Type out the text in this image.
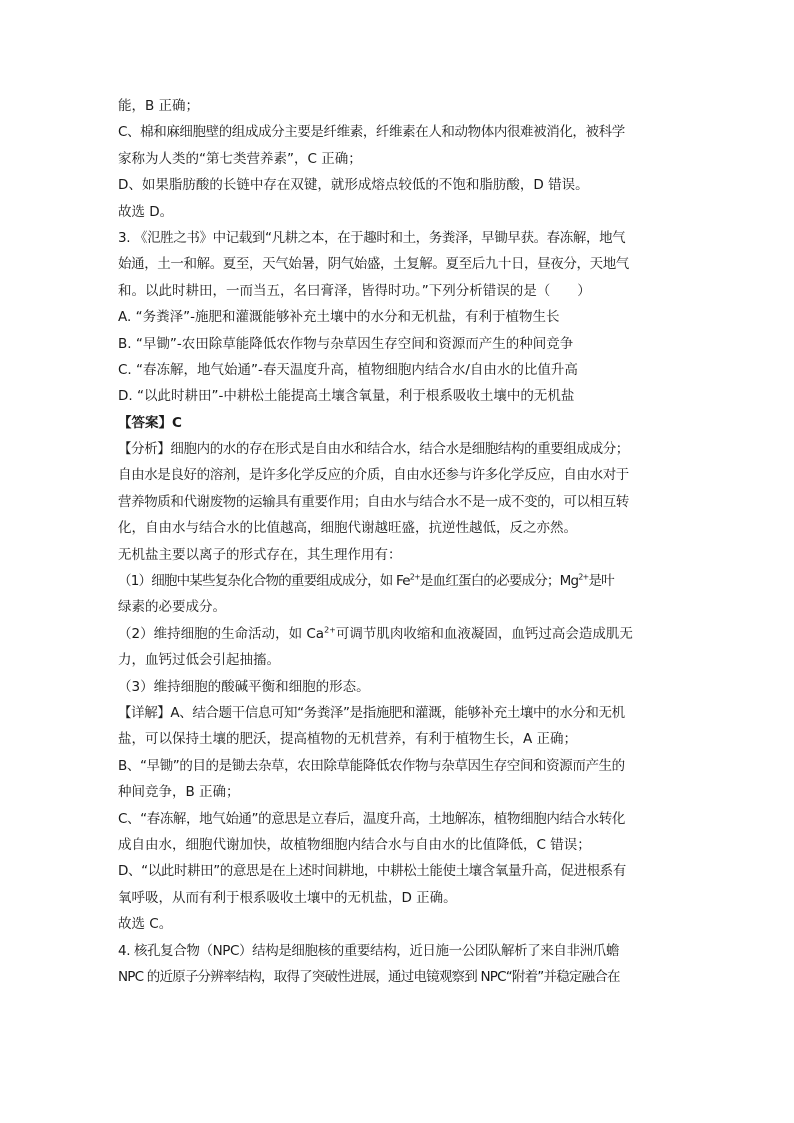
能，B 正确；
C、棉和麻细胞壁的组成成分主要是纤维素，纤维素在人和动物体内很难被消化，被科学
家称为人类的“第七类营养素”，C 正确；
D、如果脂肪酸的长链中存在双键，就形成熔点较低的不饱和脂肪酸，D 错误。
故选 D。
3. 《氾胜之书》中记载到“凡耕之本，在于趣时和土，务粪泽，早锄早获。春冻解，地气
始通，土一和解。夏至，天气始暑，阴气始盛，土复解。夏至后九十日，昼夜分，天地气
和。以此时耕田，一而当五，名曰膏泽，皆得时功。”下列分析错误的是（　　）
A. “务粪泽”-施肥和灌溉能够补充土壤中的水分和无机盐，有利于植物生长
B. “早锄”-农田除草能降低农作物与杂草因生存空间和资源而产生的种间竞争
C. “春冻解，地气始通”-春天温度升高，植物细胞内结合水/自由水的比值升高
D. “以此时耕田”-中耕松土能提高土壤含氧量，利于根系吸收土壤中的无机盐
【答案】C
【分析】细胞内的水的存在形式是自由水和结合水，结合水是细胞结构的重要组成成分；
自由水是良好的溶剂，是许多化学反应的介质，自由水还参与许多化学反应，自由水对于
营养物质和代谢废物的运输具有重要作用；自由水与结合水不是一成不变的，可以相互转
化，自由水与结合水的比值越高，细胞代谢越旺盛，抗逆性越低，反之亦然。
无机盐主要以离子的形式存在，其生理作用有：
（1）细胞中某些复杂化合物的重要组成成分，如 $Fe^{2+}$是血红蛋白的必要成分；$Mg^{2+}$是叶
绿素的必要成分。
（2）维持细胞的生命活动，如 $Ca^{2+}$可调节肌肉收缩和血液凝固，血钙过高会造成肌无
力，血钙过低会引起抽搐。
（3）维持细胞的酸碱平衡和细胞的形态。
【详解】A、结合题干信息可知“务粪泽”是指施肥和灌溉，能够补充土壤中的水分和无机
盐，可以保持土壤的肥沃，提高植物的无机营养，有利于植物生长，A 正确；
B、“早锄”的目的是锄去杂草，农田除草能降低农作物与杂草因生存空间和资源而产生的
种间竞争，B 正确；
C、“春冻解，地气始通”的意思是立春后，温度升高，土地解冻，植物细胞内结合水转化
成自由水，细胞代谢加快，故植物细胞内结合水与自由水的比值降低，C 错误；
D、“以此时耕田”的意思是在上述时间耕地，中耕松土能使土壤含氧量升高，促进根系有
氧呼吸，从而有利于根系吸收土壤中的无机盐，D 正确。
故选 C。
4. 核孔复合物（NPC）结构是细胞核的重要结构，近日施一公团队解析了来自非洲爪蟾
NPC 的近原子分辨率结构，取得了突破性进展，通过电镜观察到 NPC“附着”并稳定融合在
